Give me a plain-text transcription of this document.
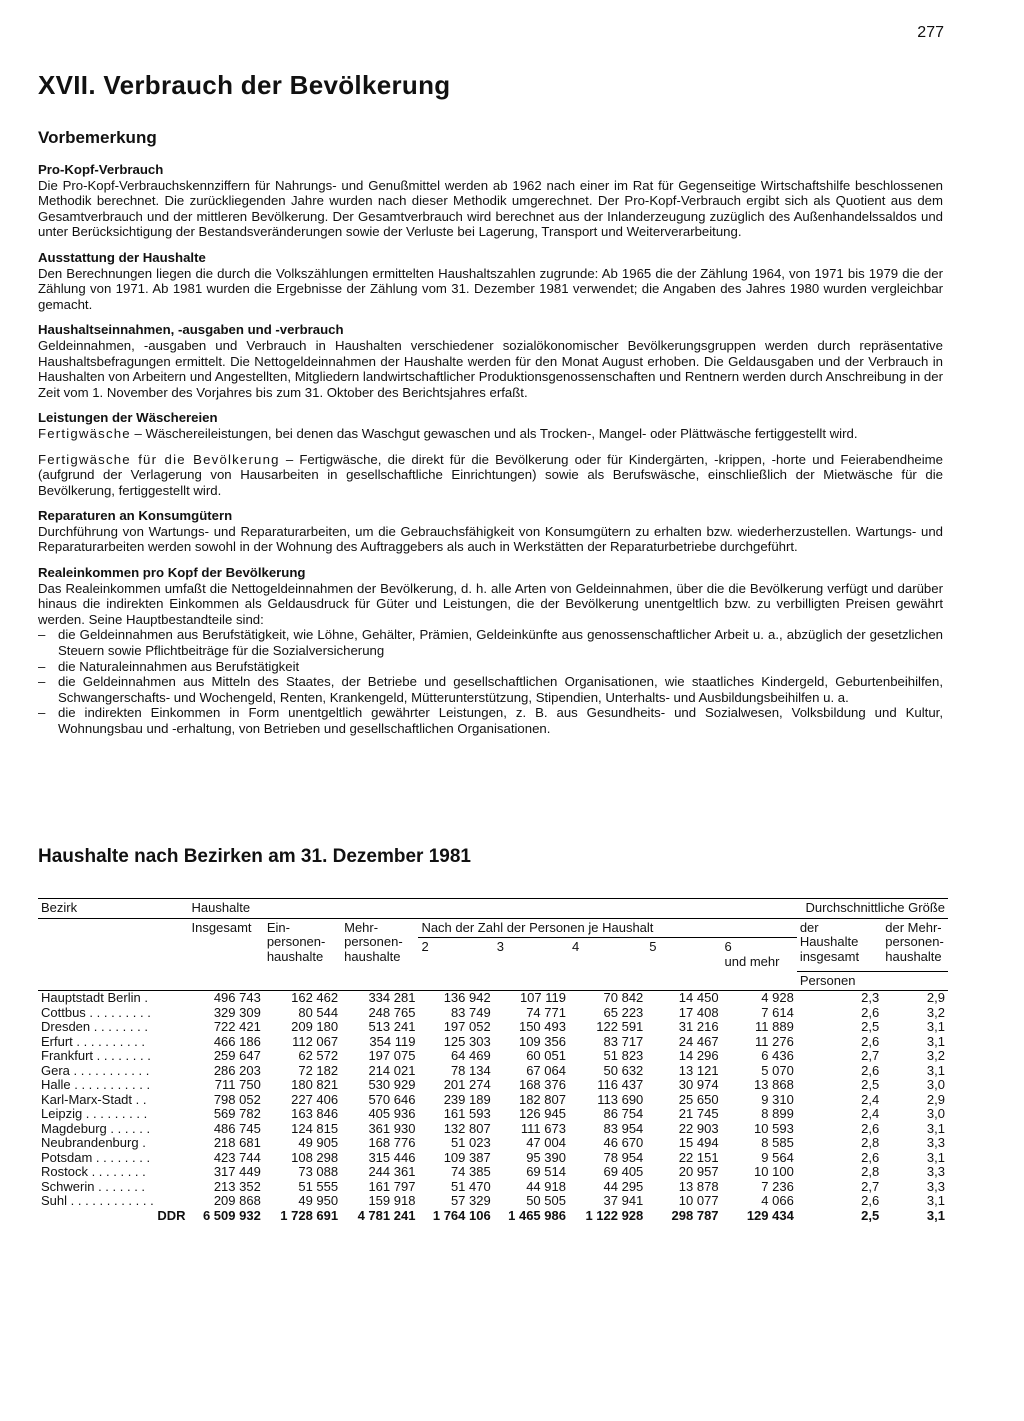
277
XVII. Verbrauch der Bevölkerung
Vorbemerkung
Pro-Kopf-Verbrauch

Die Pro-Kopf-Verbrauchskennziffern für Nahrungs- und Genußmittel werden ab 1962 nach einer im Rat für Gegenseitige Wirtschaftshilfe beschlossenen Methodik berechnet. Die zurückliegenden Jahre wurden nach dieser Methodik umgerechnet. Der Pro-Kopf-Verbrauch ergibt sich als Quotient aus dem Gesamtverbrauch und der mittleren Bevölkerung. Der Gesamtverbrauch wird berechnet aus der Inlanderzeugung zuzüglich des Außenhandelssaldos und unter Berücksichtigung der Bestandsveränderungen sowie der Verluste bei Lagerung, Transport und Weiterverarbeitung.

Ausstattung der Haushalte

Den Berechnungen liegen die durch die Volkszählungen ermittelten Haushaltszahlen zugrunde: Ab 1965 die der Zählung 1964, von 1971 bis 1979 die der Zählung von 1971. Ab 1981 wurden die Ergebnisse der Zählung vom 31. Dezember 1981 verwendet; die Angaben des Jahres 1980 wurden vergleichbar gemacht.

Haushaltseinnahmen, -ausgaben und -verbrauch

Geldeinnahmen, -ausgaben und Verbrauch in Haushalten verschiedener sozialökonomischer Bevölkerungsgruppen werden durch repräsentative Haushaltsbefragungen ermittelt. Die Nettogeldeinnahmen der Haushalte werden für den Monat August erhoben. Die Geldausgaben und der Verbrauch in Haushalten von Arbeitern und Angestellten, Mitgliedern landwirtschaftlicher Produktionsgenossenschaften und Rentnern werden durch Anschreibung in der Zeit vom 1. November des Vorjahres bis zum 31. Oktober des Berichtsjahres erfaßt.

Leistungen der Wäschereien

Fertigwäsche – Wäschereileistungen, bei denen das Waschgut gewaschen und als Trocken-, Mangel- oder Plättwäsche fertiggestellt wird.

Fertigwäsche für die Bevölkerung – Fertigwäsche, die direkt für die Bevölkerung oder für Kindergärten, -krippen, -horte und Feierabendheime (aufgrund der Verlagerung von Hausarbeiten in gesellschaftliche Einrichtungen) sowie als Berufswäsche, einschließlich der Mietwäsche für die Bevölkerung, fertiggestellt wird.

Reparaturen an Konsumgütern

Durchführung von Wartungs- und Reparaturarbeiten, um die Gebrauchsfähigkeit von Konsumgütern zu erhalten bzw. wiederherzustellen. Wartungs- und Reparaturarbeiten werden sowohl in der Wohnung des Auftraggebers als auch in Werkstätten der Reparaturbetriebe durchgeführt.

Realeinkommen pro Kopf der Bevölkerung

Das Realeinkommen umfaßt die Nettogeldeinnahmen der Bevölkerung, d. h. alle Arten von Geldeinnahmen, über die die Bevölkerung verfügt und darüber hinaus die indirekten Einkommen als Geldausdruck für Güter und Leistungen, die der Bevölkerung unentgeltlich bzw. zu verbilligten Preisen gewährt werden. Seine Hauptbestandteile sind:

– die Geldeinnahmen aus Berufstätigkeit, wie Löhne, Gehälter, Prämien, Geldeinkünfte aus genossenschaftlicher Arbeit u. a., abzüglich der gesetzlichen Steuern sowie Pflichtbeiträge für die Sozialversicherung
– die Naturaleinnahmen aus Berufstätigkeit
– die Geldeinnahmen aus Mitteln des Staates, der Betriebe und gesellschaftlichen Organisationen, wie staatliches Kindergeld, Geburtenbeihilfen, Schwangerschafts- und Wochengeld, Renten, Krankengeld, Mütterunterstützung, Stipendien, Unterhalts- und Ausbildungsbeihilfen u. a.
– die indirekten Einkommen in Form unentgeltlich gewährter Leistungen, z. B. aus Gesundheits- und Sozialwesen, Volksbildung und Kultur, Wohnungsbau und -erhaltung, von Betrieben und gesellschaftlichen Organisationen.
Haushalte nach Bezirken am 31. Dezember 1981
Bezirk	Haushalte								Durchschnittliche Größe	
	Insgesamt	Ein-
personen-
haushalte	Mehr-
personen-
haushalte	Nach der Zahl der Personen je Haushalt					der
Haushalte
insgesamt	der Mehr-
personen-
haushalte
				2	3	4	5	6
und mehr		
									Personen	
Hauptstadt Berlin .	496 743	162 462	334 281	136 942	107 119	70 842	14 450	4 928	2,3	2,9
Cottbus . . . . . . . . .	329 309	80 544	248 765	83 749	74 771	65 223	17 408	7 614	2,6	3,2
Dresden . . . . . . . .	722 421	209 180	513 241	197 052	150 493	122 591	31 216	11 889	2,5	3,1
Erfurt . . . . . . . . . .	466 186	112 067	354 119	125 303	109 356	83 717	24 467	11 276	2,6	3,1
Frankfurt . . . . . . . .	259 647	62 572	197 075	64 469	60 051	51 823	14 296	6 436	2,7	3,2
Gera . . . . . . . . . . .	286 203	72 182	214 021	78 134	67 064	50 632	13 121	5 070	2,6	3,1
Halle . . . . . . . . . . .	711 750	180 821	530 929	201 274	168 376	116 437	30 974	13 868	2,5	3,0
Karl-Marx-Stadt . .	798 052	227 406	570 646	239 189	182 807	113 690	25 650	9 310	2,4	2,9
Leipzig . . . . . . . . .	569 782	163 846	405 936	161 593	126 945	86 754	21 745	8 899	2,4	3,0
Magdeburg . . . . . .	486 745	124 815	361 930	132 807	111 673	83 954	22 903	10 593	2,6	3,1
Neubrandenburg .	218 681	49 905	168 776	51 023	47 004	46 670	15 494	8 585	2,8	3,3
Potsdam . . . . . . . .	423 744	108 298	315 446	109 387	95 390	78 954	22 151	9 564	2,6	3,1
Rostock . . . . . . . .	317 449	73 088	244 361	74 385	69 514	69 405	20 957	10 100	2,8	3,3
Schwerin . . . . . . .	213 352	51 555	161 797	51 470	44 918	44 295	13 878	7 236	2,7	3,3
Suhl . . . . . . . . . . . .	209 868	49 950	159 918	57 329	50 505	37 941	10 077	4 066	2,6	3,1
DDR	6 509 932	1 728 691	4 781 241	1 764 106	1 465 986	1 122 928	298 787	129 434	2,5	3,1
